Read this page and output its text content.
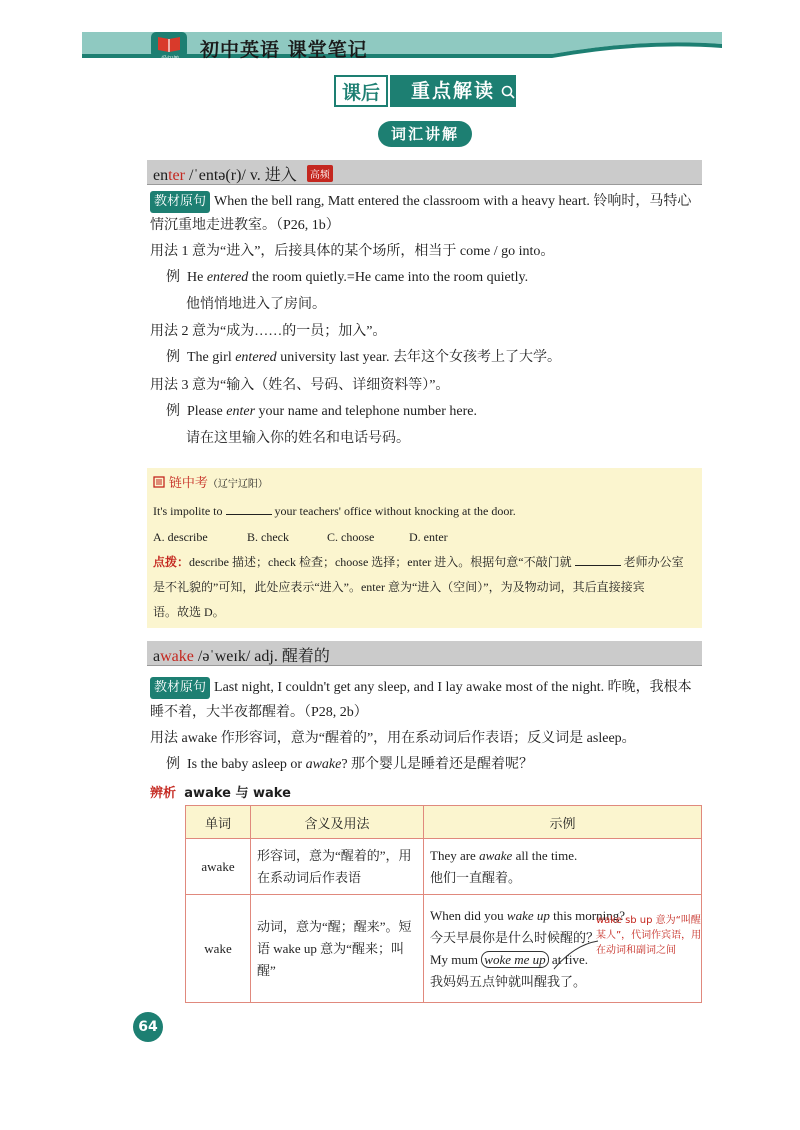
爱知趣	初中英语 课堂笔记
课后	重点解读
词汇讲解
enter /ˈentə(r)/ v. 进入 高频
教材原句 When the bell rang, Matt entered the classroom with a heavy heart. 铃响时，马特心
情沉重地走进教室。（P26, 1b）
用法 1 意为“进入”，后接具体的某个场所，相当于 come / go into。
例 He entered the room quietly.=He came into the room quietly.
他悄悄地进入了房间。
用法 2 意为“成为……的一员；加入”。
例 The girl entered university last year. 去年这个女孩考上了大学。
用法 3 意为“输入（姓名、号码、详细资料等）”。
例 Please enter your name and telephone number here.
请在这里输入你的姓名和电话号码。
链中考（辽宁辽阳）
It's impolite to	your teachers' office without knocking at the door.
A. describe	B. check	C. choose	D. enter
点拨：describe 描述；check 检查；choose 选择；enter 进入。根据句意“不敲门就	老师办公室
是不礼貌的”可知，此处应表示“进入”。enter 意为“进入（空间）”，为及物动词，其后直接接宾
语。故选 D。
awake /əˈweɪk/ adj. 醒着的
教材原句 Last night, I couldn't get any sleep, and I lay awake most of the night. 昨晚，我根本
睡不着，大半夜都醒着。（P28, 2b）
用法 awake 作形容词，意为“醒着的”，用在系动词后作表语；反义词是 asleep。
例 Is the baby asleep or awake? 那个婴儿是睡着还是醒着呢？
辨析 awake 与 wake
单词	含义及用法	示例
awake	形容词，意为“醒着的”，用在系动词后作表语	They are awake all the time.
他们一直醒着。

wake	动词，意为“醒；醒来”。短语 wake up 意为“醒来；叫醒”	When did you wake up this morning?
今天早晨你是什么时候醒的？
My mum woke me up at five.
我妈妈五点钟就叫醒我了。
wake sb up 意为“叫醒某人”，代词作宾语，用在动词和副词之间
64
